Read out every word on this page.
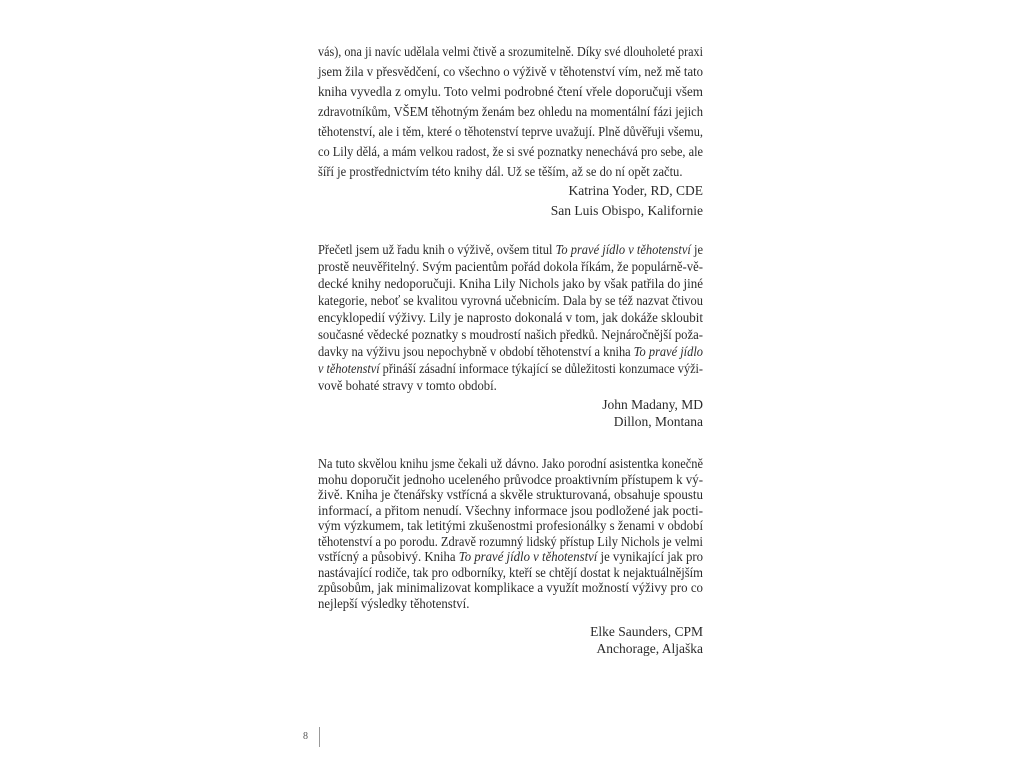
vás), ona ji navíc udělala velmi čtivě a srozumitelně. Díky své dlouholeté praxi
jsem žila v přesvědčení, co všechno o výživě v těhotenství vím, než mě tato
kniha vyvedla z omylu. Toto velmi podrobné čtení vřele doporučuji všem
zdravotníkům, VŠEM těhotným ženám bez ohledu na momentální fázi jejich
těhotenství, ale i těm, které o těhotenství teprve uvažují. Plně důvěřuji všemu,
co Lily dělá, a mám velkou radost, že si své poznatky nenechává pro sebe, ale
šíří je prostřednictvím této knihy dál. Už se těším, až se do ní opět začtu.
Katrina Yoder, RD, CDE
San Luis Obispo, Kalifornie
Přečetl jsem už řadu knih o výživě, ovšem titul To pravé jídlo v těhotenství je
prostě neuvěřitelný. Svým pacientům pořád dokola říkám, že populárně-vě-
decké knihy nedoporučuji. Kniha Lily Nichols jako by však patřila do jiné
kategorie, neboť se kvalitou vyrovná učebnicím. Dala by se též nazvat čtivou
encyklopedií výživy. Lily je naprosto dokonalá v tom, jak dokáže skloubit
současné vědecké poznatky s moudrostí našich předků. Nejnáročnější poža-
davky na výživu jsou nepochybně v období těhotenství a kniha To pravé jídlo
v těhotenství přináší zásadní informace týkající se důležitosti konzumace výži-
vově bohaté stravy v tomto období.
John Madany, MD
Dillon, Montana
Na tuto skvělou knihu jsme čekali už dávno. Jako porodní asistentka konečně
mohu doporučit jednoho uceleného průvodce proaktivním přístupem k vý-
živě. Kniha je čtenářsky vstřícná a skvěle strukturovaná, obsahuje spoustu
informací, a přitom nenudí. Všechny informace jsou podložené jak pocti-
vým výzkumem, tak letitými zkušenostmi profesionálky s ženami v období
těhotenství a po porodu. Zdravě rozumný lidský přístup Lily Nichols je velmi
vstřícný a působivý. Kniha To pravé jídlo v těhotenství je vynikající jak pro
nastávající rodiče, tak pro odborníky, kteří se chtějí dostat k nejaktuálnějším
způsobům, jak minimalizovat komplikace a využít možností výživy pro co
nejlepší výsledky těhotenství.
Elke Saunders, CPM
Anchorage, Aljaška
8
